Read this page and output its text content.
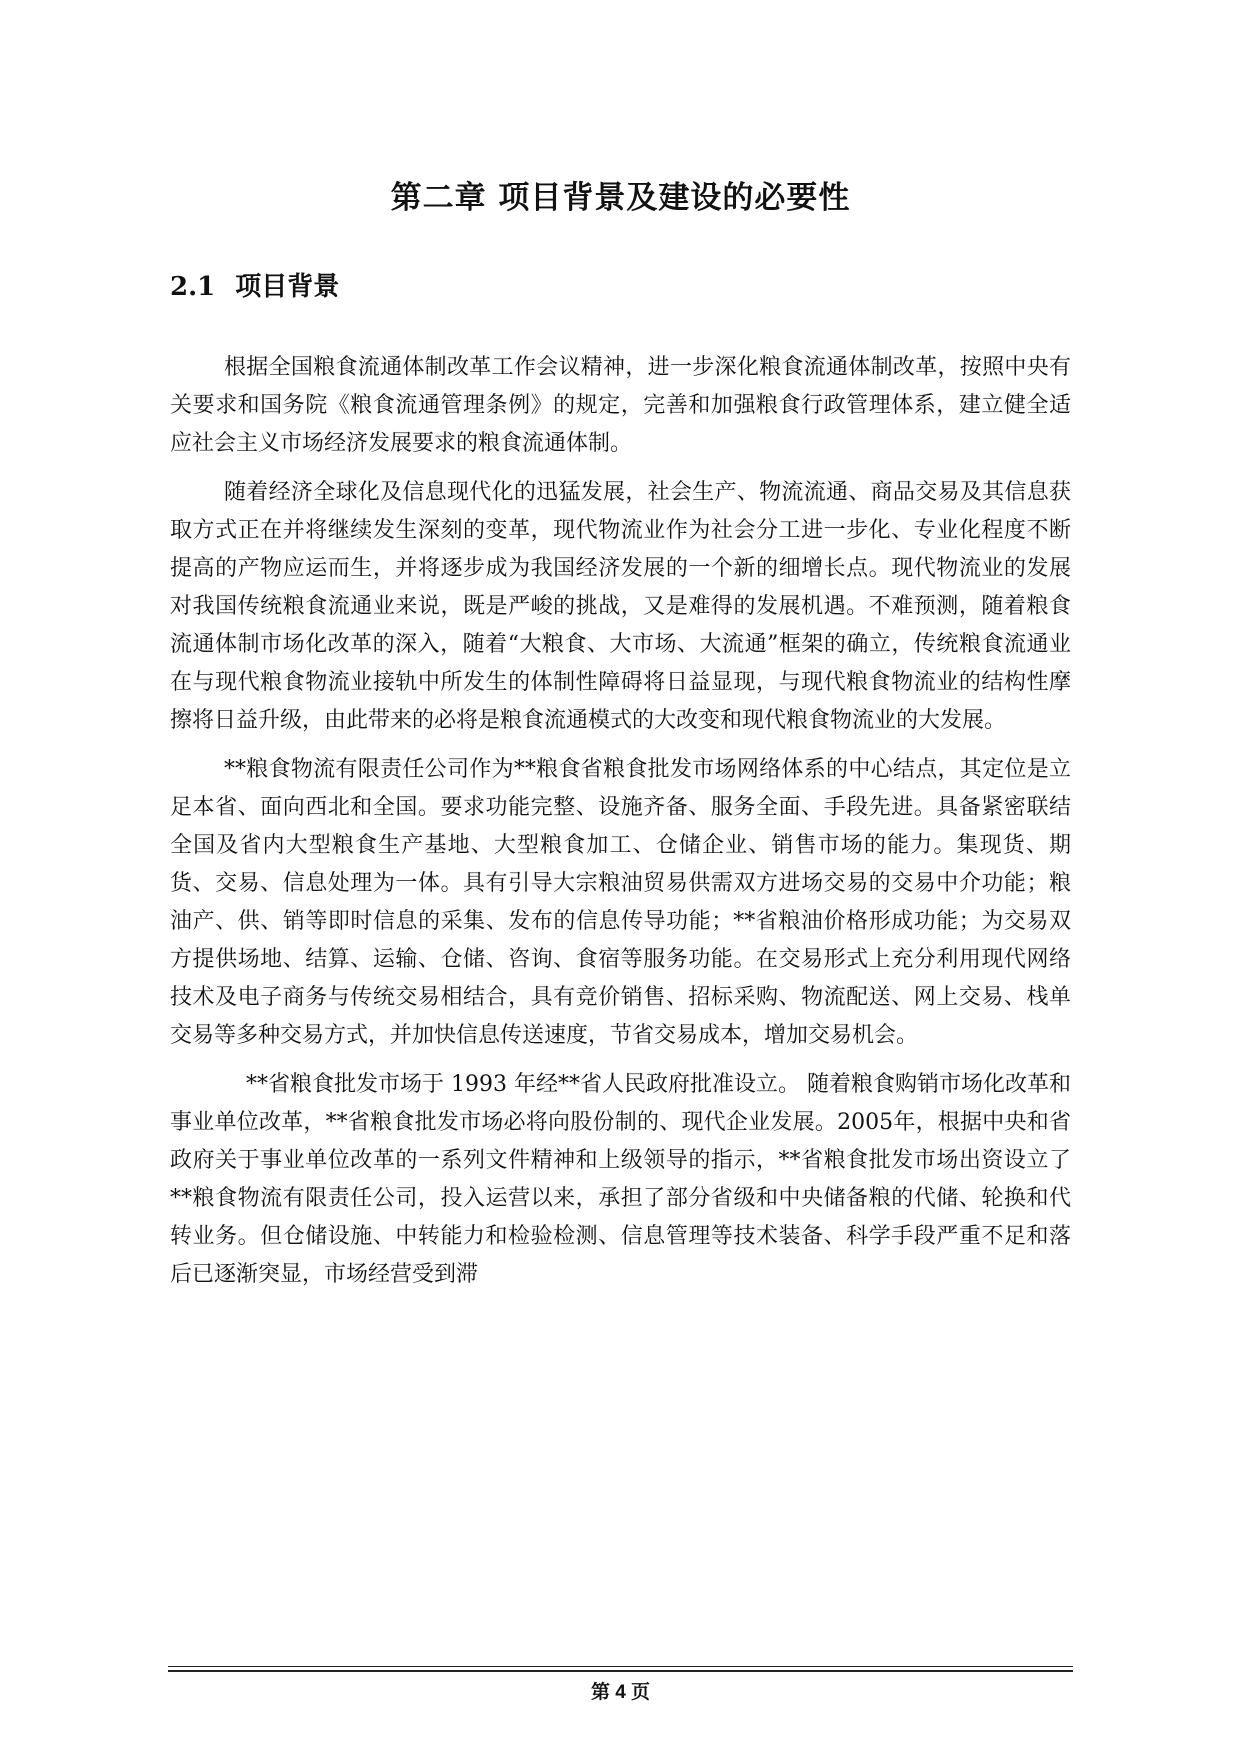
第二章 项目背景及建设的必要性
2.1 项目背景

根据全国粮食流通体制改革工作会议精神，进一步深化粮食流通体制改革，按照中央有关要求和国务院《粮食流通管理条例》的规定，完善和加强粮食行政管理体系，建立健全适应社会主义市场经济发展要求的粮食流通体制。

随着经济全球化及信息现代化的迅猛发展，社会生产、物流流通、商品交易及其信息获取方式正在并将继续发生深刻的变革，现代物流业作为社会分工进一步化、专业化程度不断提高的产物应运而生，并将逐步成为我国经济发展的一个新的细增长点。现代物流业的发展对我国传统粮食流通业来说，既是严峻的挑战，又是难得的发展机遇。不难预测，随着粮食流通体制市场化改革的深入，随着“大粮食、大市场、大流通”框架的确立，传统粮食流通业在与现代粮食物流业接轨中所发生的体制性障碍将日益显现，与现代粮食物流业的结构性摩擦将日益升级，由此带来的必将是粮食流通模式的大改变和现代粮食物流业的大发展。

**粮食物流有限责任公司作为**粮食省粮食批发市场网络体系的中心结点，其定位是立足本省、面向西北和全国。要求功能完整、设施齐备、服务全面、手段先进。具备紧密联结全国及省内大型粮食生产基地、大型粮食加工、仓储企业、销售市场的能力。集现货、期货、交易、信息处理为一体。具有引导大宗粮油贸易供需双方进场交易的交易中介功能；粮油产、供、销等即时信息的采集、发布的信息传导功能；**省粮油价格形成功能；为交易双方提供场地、结算、运输、仓储、咨询、食宿等服务功能。在交易形式上充分利用现代网络技术及电子商务与传统交易相结合，具有竞价销售、招标采购、物流配送、网上交易、栈单交易等多种交易方式，并加快信息传送速度，节省交易成本，增加交易机会。

**省粮食批发市场于 1993 年经**省人民政府批准设立。 随着粮食购销市场化改革和事业单位改革，**省粮食批发市场必将向股份制的、现代企业发展。2005年，根据中央和省政府关于事业单位改革的一系列文件精神和上级领导的指示，**省粮食批发市场出资设立了**粮食物流有限责任公司，投入运营以来，承担了部分省级和中央储备粮的代储、轮换和代转业务。但仓储设施、中转能力和检验检测、信息管理等技术装备、科学手段严重不足和落后已逐渐突显，市场经营受到滞

第 4 页
